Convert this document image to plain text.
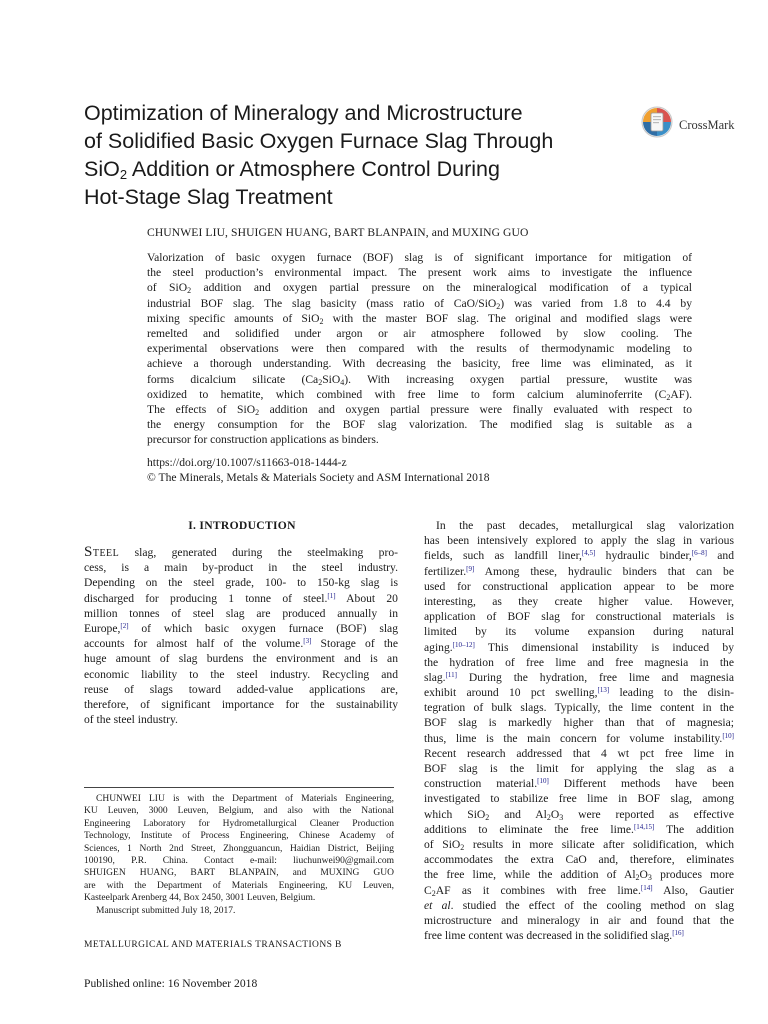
Optimization of Mineralogy and Microstructure
of Solidified Basic Oxygen Furnace Slag Through
SiO$_2$ Addition or Atmosphere Control During
Hot-Stage Slag Treatment
CrossMark
CHUNWEI LIU, SHUIGEN HUANG, BART BLANPAIN, and MUXING GUO
Valorization of basic oxygen furnace (BOF) slag is of significant importance for mitigation of
the steel production’s environmental impact. The present work aims to investigate the influence
of SiO$_2$ addition and oxygen partial pressure on the mineralogical modification of a typical
industrial BOF slag. The slag basicity (mass ratio of CaO/SiO$_2$) was varied from 1.8 to 4.4 by
mixing specific amounts of SiO$_2$ with the master BOF slag. The original and modified slags were
remelted and solidified under argon or air atmosphere followed by slow cooling. The
experimental observations were then compared with the results of thermodynamic modeling to
achieve a thorough understanding. With decreasing the basicity, free lime was eliminated, as it
forms dicalcium silicate $(Ca_2SiO_4)$. With increasing oxygen partial pressure, wustite was
oxidized to hematite, which combined with free lime to form calcium aluminoferrite $(C_2AF)$.
The effects of SiO$_2$ addition and oxygen partial pressure were finally evaluated with respect to
the energy consumption for the BOF slag valorization. The modified slag is suitable as a
precursor for construction applications as binders.
https://doi.org/10.1007/s11663-018-1444-z
© The Minerals, Metals & Materials Society and ASM International 2018
I. INTRODUCTION
STEEL slag, generated during the steelmaking pro-
cess, is a main by-product in the steel industry.
Depending on the steel grade, 100- to 150-kg slag is
discharged for producing 1 tonne of steel.[1] About 20
million tonnes of steel slag are produced annually in
Europe,[2] of which basic oxygen furnace (BOF) slag
accounts for almost half of the volume.[3] Storage of the
huge amount of slag burdens the environment and is an
economic liability to the steel industry. Recycling and
reuse of slags toward added-value applications are,
therefore, of significant importance for the sustainability
of the steel industry.
In the past decades, metallurgical slag valorization
has been intensively explored to apply the slag in various
fields, such as landfill liner,[4,5] hydraulic binder,[6–8] and
fertilizer.[9] Among these, hydraulic binders that can be
used for constructional application appear to be more
interesting, as they create higher value. However,
application of BOF slag for constructional materials is
limited by its volume expansion during natural
aging.[10–12] This dimensional instability is induced by
the hydration of free lime and free magnesia in the
slag.[11] During the hydration, free lime and magnesia
exhibit around 10 pct swelling,[13] leading to the disin-
tegration of bulk slags. Typically, the lime content in the
BOF slag is markedly higher than that of magnesia;
thus, lime is the main concern for volume instability.[10]
Recent research addressed that 4 wt pct free lime in
BOF slag is the limit for applying the slag as a
construction material.[10] Different methods have been
investigated to stabilize free lime in BOF slag, among
which SiO$_2$ and $Al_2O_3$ were reported as effective
additions to eliminate the free lime.[14,15] The addition
of SiO$_2$ results in more silicate after solidification, which
accommodates the extra CaO and, therefore, eliminates
the free lime, while the addition of $Al_2O_3$ produces more
$C_2AF$ as it combines with free lime.[14] Also, Gautier
et al. studied the effect of the cooling method on slag
microstructure and mineralogy in air and found that the
free lime content was decreased in the solidified slag.[16]
CHUNWEI LIU is with the Department of Materials Engineering,
KU Leuven, 3000 Leuven, Belgium, and also with the National
Engineering Laboratory for Hydrometallurgical Cleaner Production
Technology, Institute of Process Engineering, Chinese Academy of
Sciences, 1 North 2nd Street, Zhongguancun, Haidian District, Beijing
100190, P.R. China. Contact e-mail: liuchunwei90@gmail.com
SHUIGEN HUANG, BART BLANPAIN, and MUXING GUO
are with the Department of Materials Engineering, KU Leuven,
Kasteelpark Arenberg 44, Box 2450, 3001 Leuven, Belgium.
Manuscript submitted July 18, 2017.
METALLURGICAL AND MATERIALS TRANSACTIONS B
Published online: 16 November 2018
